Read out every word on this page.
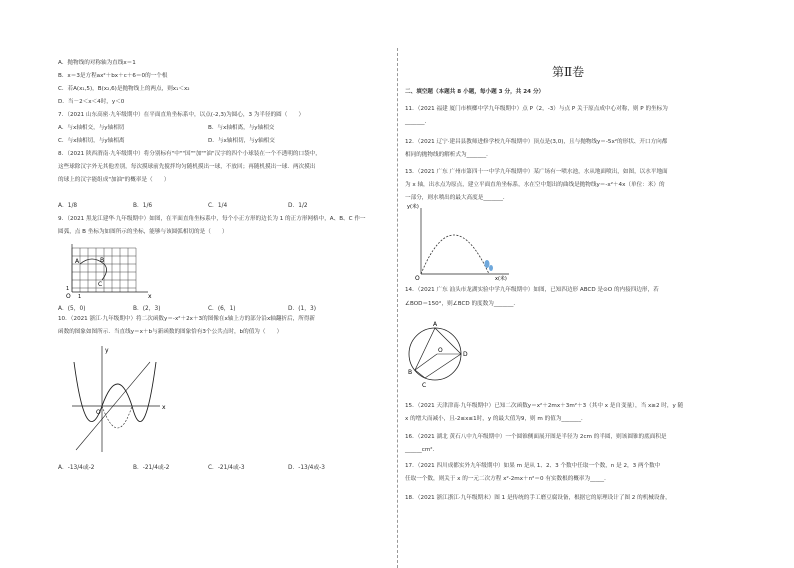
A．抛物线的对称轴为直线x＝1
B．x＝3是方程ax²＋bx＋c＋6＝0的一个根
C．若A(x₁,5)，B(x₂,6)是抛物线上的两点，则x₁＜x₂
D．当－2＜x＜4时，y＜0
7．（2021 山东高密·九年级期中）在平面直角坐标系中，以点(-2,3)为圆心，3 为半径的圆（　　）
A．与x轴相交，与y轴相切	B．与x轴相离，与y轴相交
C．与x轴相切，与y轴相离	D．与x轴相切，与y轴相交
8．（2021 陕西渭南·九年级期中）将分别标有"中""国""加""油"汉字的四个小球装在一个不透明的口袋中，
这些球除汉字外无其他差别，每次摸球前先搅拌均匀随机摸出一球，不放回；再随机摸出一球．两次摸出
的球上的汉字能组成"加油"的概率是（　　）
9．（2021 黑龙江建华·九年级期中）如图，在平面直角坐标系中，每个小正方形的边长为 1 的正方形网格中，A、B、C 作一
圆弧，点 B 坐标为如图所示的坐标，能够与该圆弧相切的是（　　）
10．（2021 浙江·九年级期中）将二次函数y＝-x²＋2x＋3的图像在x轴上方的部分沿x轴翻折后，所得新
函数的图象如图所示．当直线y＝x＋b与新函数的图象恰有3个公共点时，b的值为（　　）
A．1/8	B．1/6	C．1/4	D．1/2
A	B
C
O 1
1
x
A．(5，0)	B．(2，3)	C．(6，1)	D．(1，3)
y
O
x
A．-13/4或-2	B．-21/4或-2	C．-21/4或-3	D．-13/4或-3
第Ⅱ卷
二、填空题（本题共 8 小题，每小题 3 分，共 24 分）
11．（2021 福建 厦门市槟榔中学九年级期中）点 P（2，-3）与点 P 关于原点成中心对称，则 P 的坐标为
_______．
12．（2021 辽宁·建昌县教师进修学校九年级期中）顶点是(3,0)，且与抛物线y＝-5x²的形状、开口方向都
相同的抛物线的解析式为_______．
13．（2021 广东 广州市第四十一中学九年级期中）某广场有一喷水池，水从地面喷出，如图，以水平地面
为 x 轴，出水点为原点，建立平面直角坐标系，水在空中划出的曲线是抛物线y＝-x²＋4x（单位：米）的
一部分，则水喷出的最大高度是_______．
14．（2021 广东 汕头市龙湖实验中学九年级期中）如图，已知四边形 ABCD 是⊙O 的内接四边形，若
∠BOD＝150°，则∠BCD 的度数为_______．
15．（2021 天津津南·九年级期中）已知二次函数y＝x²＋2mx＋3m²＋3（其中 x 是自变量），当 x≥2 时，y 随
x 的增大而减小，且-2≤x≤1时，y 的最大值为9，则 m 的值为_______．
16．（2021 湖北 黄石八中九年级期中）一个圆锥侧面展开图是半径为 2cm 的半圆，则该圆锥的底面积是
______cm²．
17．（2021 四川成都实外九年级期中）如果 m 是从 1、2、3 个数中任取一个数，n 是 2，3 两个数中
任取一个数，则关于 x 的一元二次方程 x²-2mx＋n²＝0 有实数根的概率为_____．
18．（2021 浙江浙江·九年级期末）图 1 是传统的手工磨豆腐设备，根据它的原理设计了图 2 的机械设备，
y(米)
x(米)
O
A
B
C
D
O
